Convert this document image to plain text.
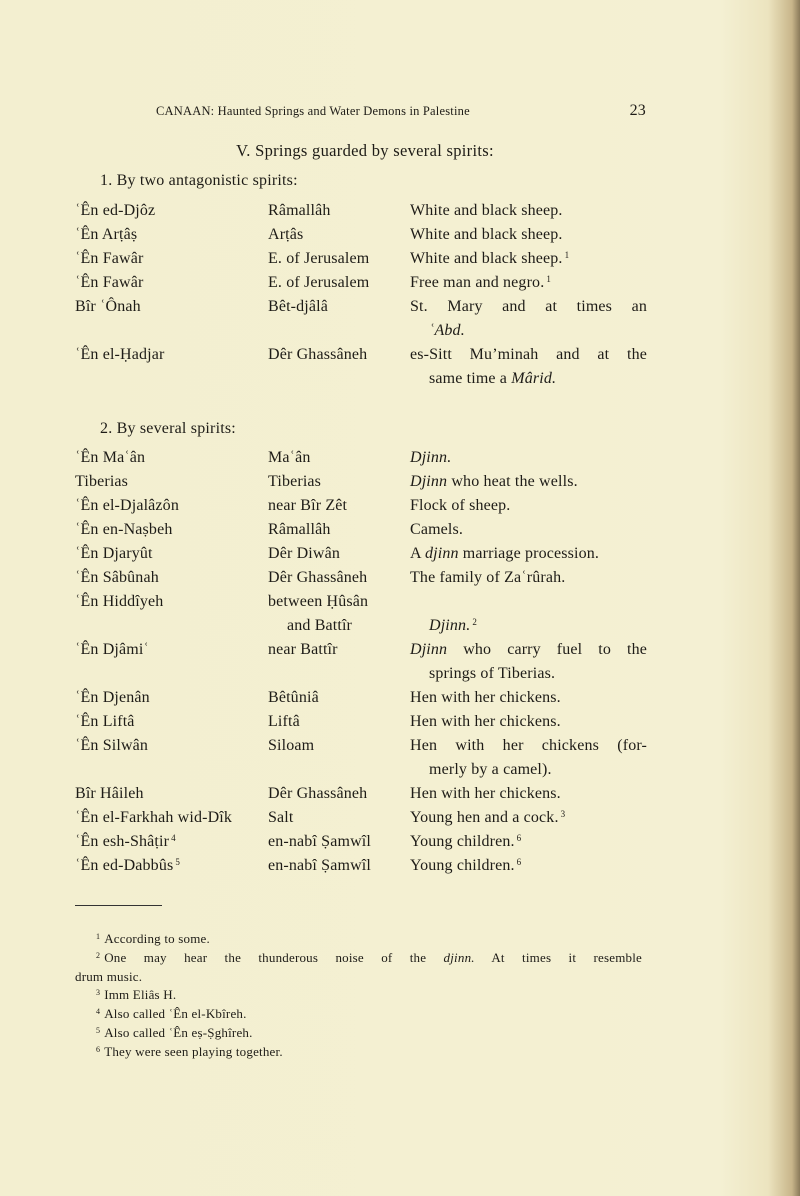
CANAAN: Haunted Springs and Water Demons in Palestine	23
V. Springs guarded by several spirits:
1. By two antagonistic spirits:
ʿÊn ed-Djôz	Râmallâh	White and black sheep.
ʿÊn Arṭâṣ	Arṭâs	White and black sheep.
ʿÊn Fawâr	E. of Jerusalem	White and black sheep. $^1$
ʿÊn Fawâr	E. of Jerusalem	Free man and negro. $^1$
Bîr ʿÔnah	Bêt-djâlâ	St. Mary and at times an
ʿAbd.
ʿÊn el-Ḥadjar	Dêr Ghassâneh	es-Sitt Mu’minah and at the
same time a Mârid.
2. By several spirits:
ʿÊn Maʿân	Maʿân	Djinn.
Tiberias	Tiberias	Djinn who heat the wells.
ʿÊn el-Djalâzôn	near Bîr Zêt	Flock of sheep.
ʿÊn en-Naṣbeh	Râmallâh	Camels.
ʿÊn Djaryût	Dêr Diwân	A djinn marriage procession.
ʿÊn Sâbûnah	Dêr Ghassâneh	The family of Zaʿrûrah.
ʿÊn Hiddîyeh	between Ḥûsân
and Battîr
	Djinn. $^2$
ʿÊn Djâmiʿ	near Battîr	Djinn who carry fuel to the
springs of Tiberias.
ʿÊn Djenân	Bêtûniâ	Hen with her chickens.
ʿÊn Liftâ	Liftâ	Hen with her chickens.
ʿÊn Silwân	Siloam	Hen with her chickens (for-
merly by a camel).
Bîr Hâileh	Dêr Ghassâneh	Hen with her chickens.
ʿÊn el-Farkhah wid-Dîk	Salt	Young hen and a cock. $^3$
ʿÊn esh-Shâṭir $^4$	en-nabî Ṣamwîl	Young children. $^6$
ʿÊn ed-Dabbûs $^5$	en-nabî Ṣamwîl	Young children. $^6$
$^1$ According to some.
$^2$ One may hear the thunderous noise of the djinn. At times it resemble
drum music.
$^3$ Imm Eliâs H.
$^4$ Also called ʿÊn el-Kbîreh.
$^5$ Also called ʿÊn eṣ-Ṣghîreh.
$^6$ They were seen playing together.
